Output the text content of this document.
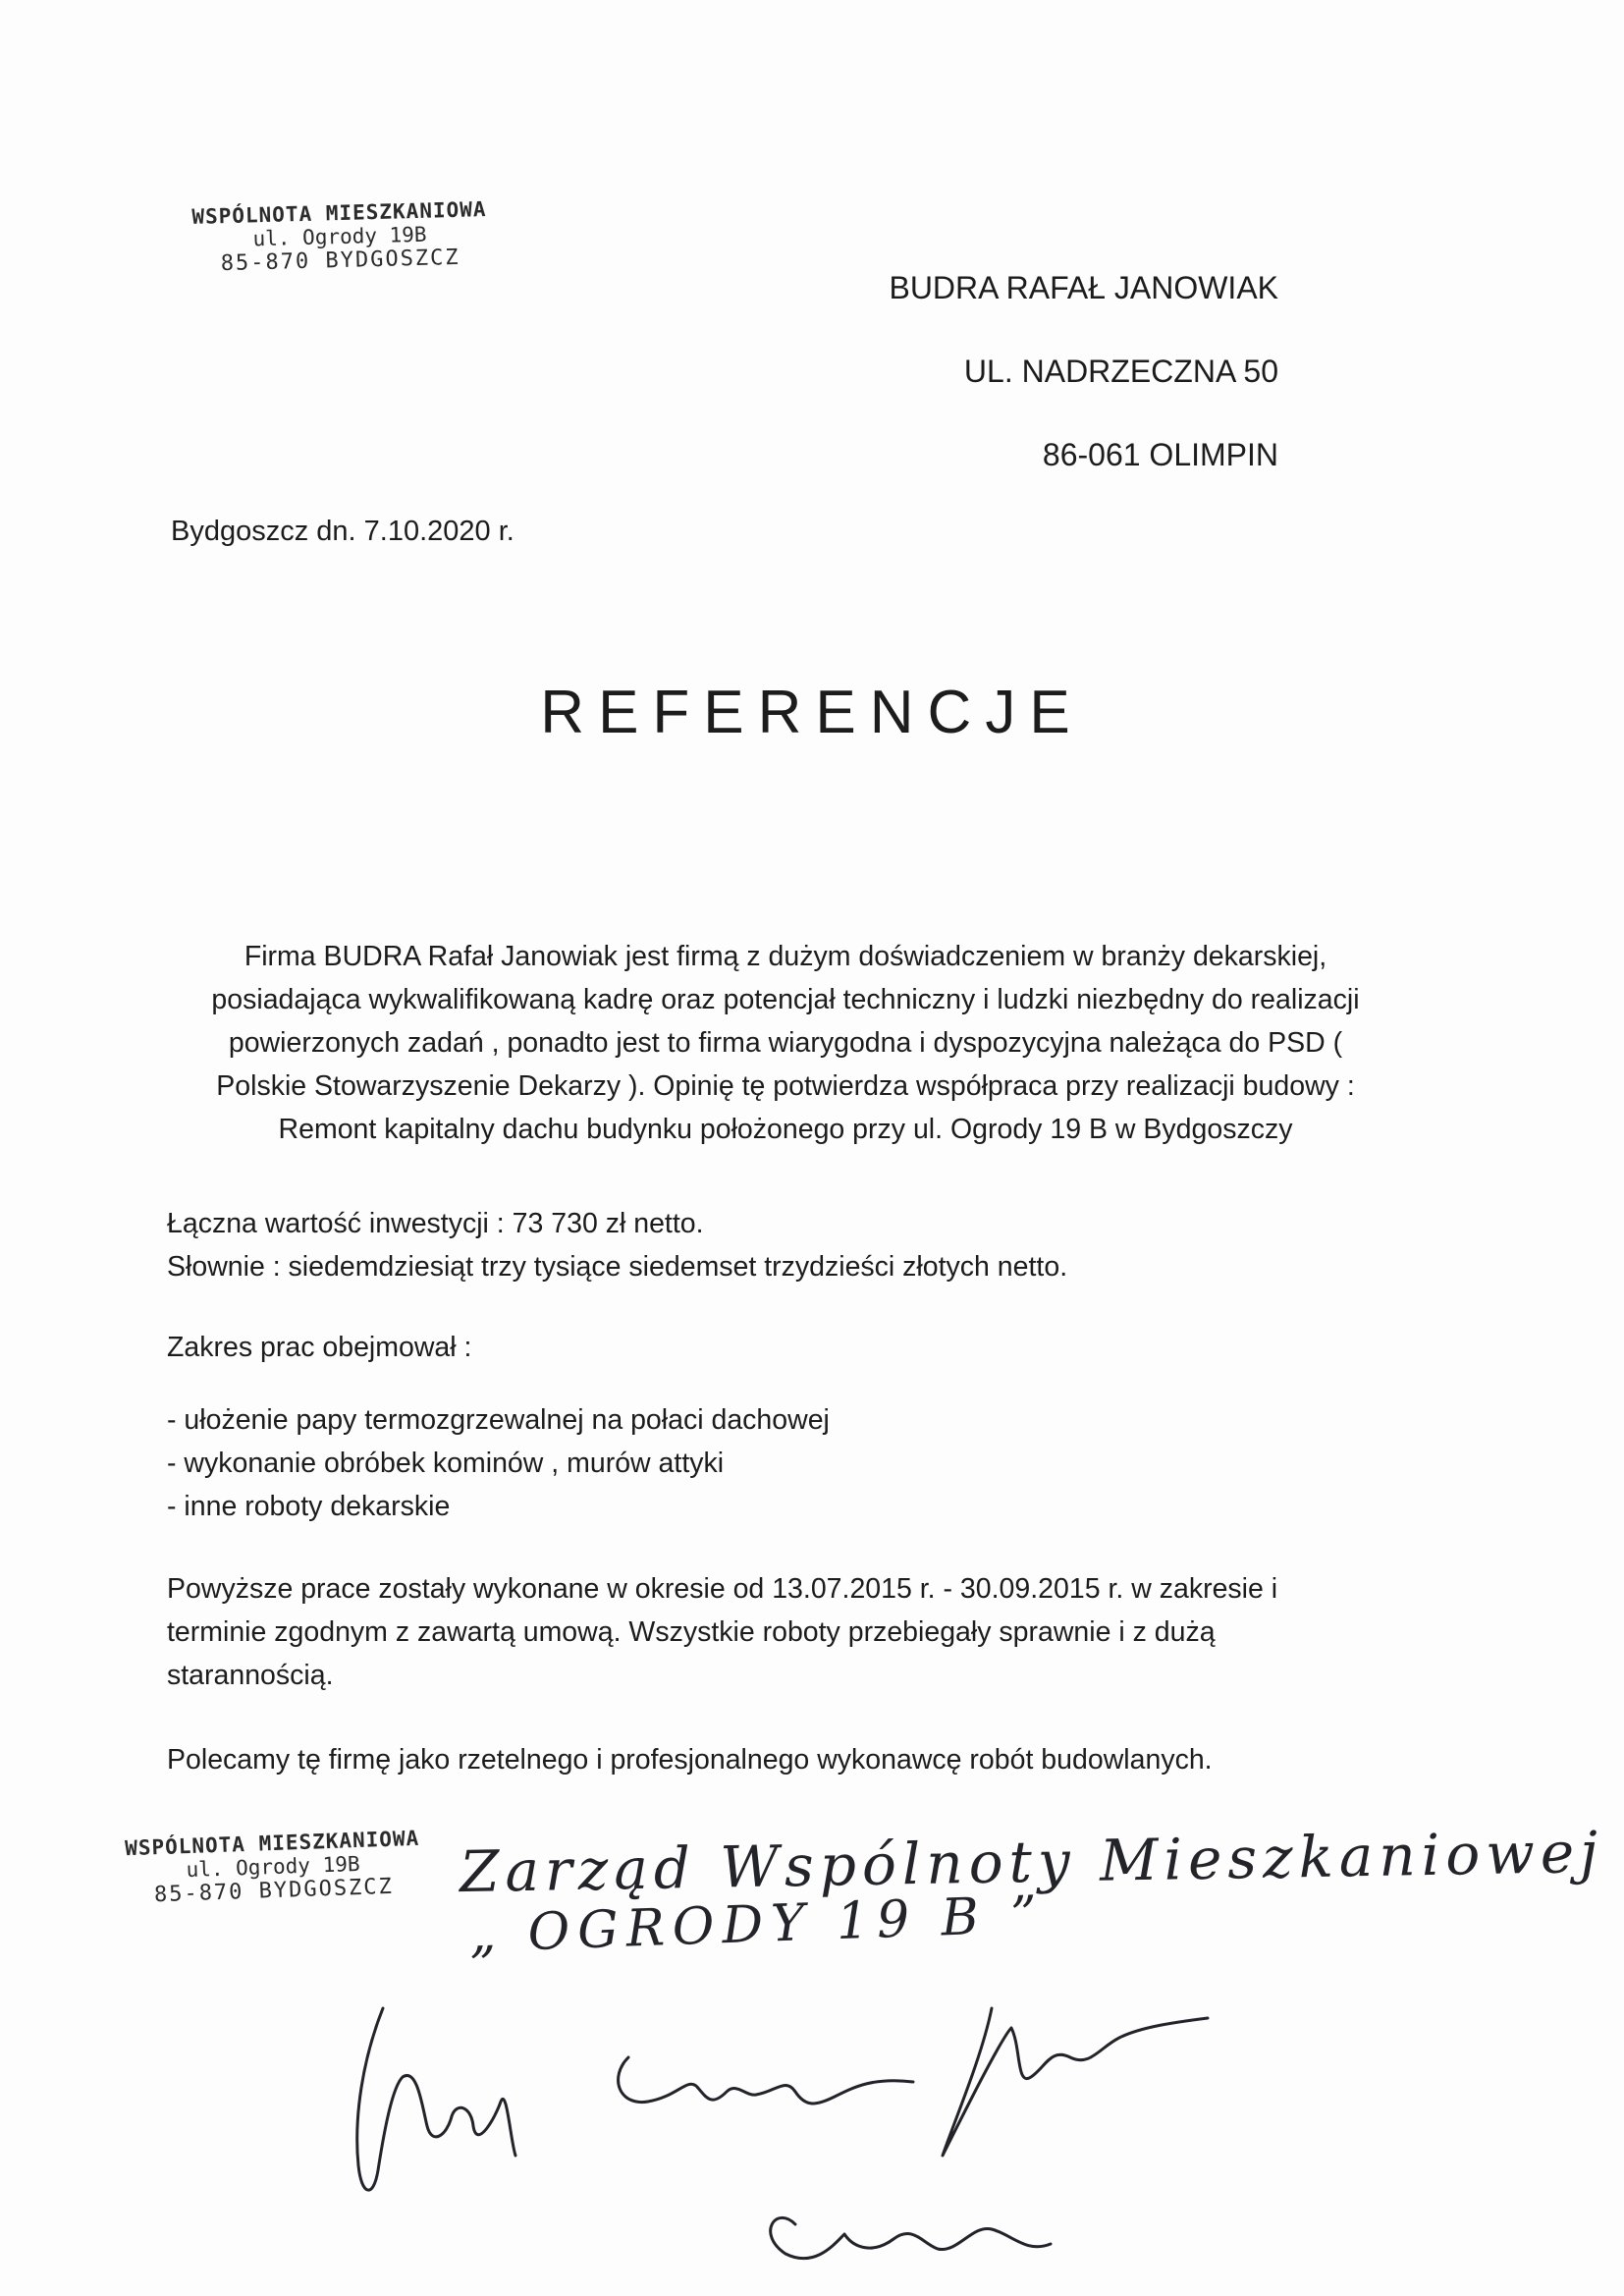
WSPÓLNOTA MIESZKANIOWA
ul. Ogrody 19B
85-870 BYDGOSZCZ
BUDRA RAFAŁ JANOWIAK
UL. NADRZECZNA 50
86-061 OLIMPIN
Bydgoszcz dn. 7.10.2020 r.
REFERENCJE
Firma BUDRA Rafał Janowiak jest firmą z dużym doświadczeniem w branży dekarskiej,
posiadająca wykwalifikowaną kadrę oraz potencjał techniczny i ludzki niezbędny do realizacji
powierzonych zadań , ponadto jest to firma wiarygodna i dyspozycyjna należąca do PSD (
Polskie Stowarzyszenie Dekarzy ). Opinię tę potwierdza współpraca przy realizacji budowy :
Remont kapitalny dachu budynku położonego przy ul. Ogrody 19 B w Bydgoszczy
Łączna wartość inwestycji : 73 730 zł netto.
Słownie : siedemdziesiąt trzy tysiące siedemset trzydzieści złotych netto.
Zakres prac obejmował :
- ułożenie papy termozgrzewalnej na połaci dachowej
- wykonanie obróbek kominów , murów attyki
- inne roboty dekarskie
Powyższe prace zostały wykonane w okresie od 13.07.2015 r. - 30.09.2015 r. w zakresie i
terminie zgodnym z zawartą umową. Wszystkie roboty przebiegały sprawnie i z dużą
starannością.
Polecamy tę firmę jako rzetelnego i profesjonalnego wykonawcę robót budowlanych.
WSPÓLNOTA MIESZKANIOWA
ul. Ogrody 19B
85-870 BYDGOSZCZ	Zarząd Wspólnoty Mieszkaniowej
„ OGRODY 19 B ”
